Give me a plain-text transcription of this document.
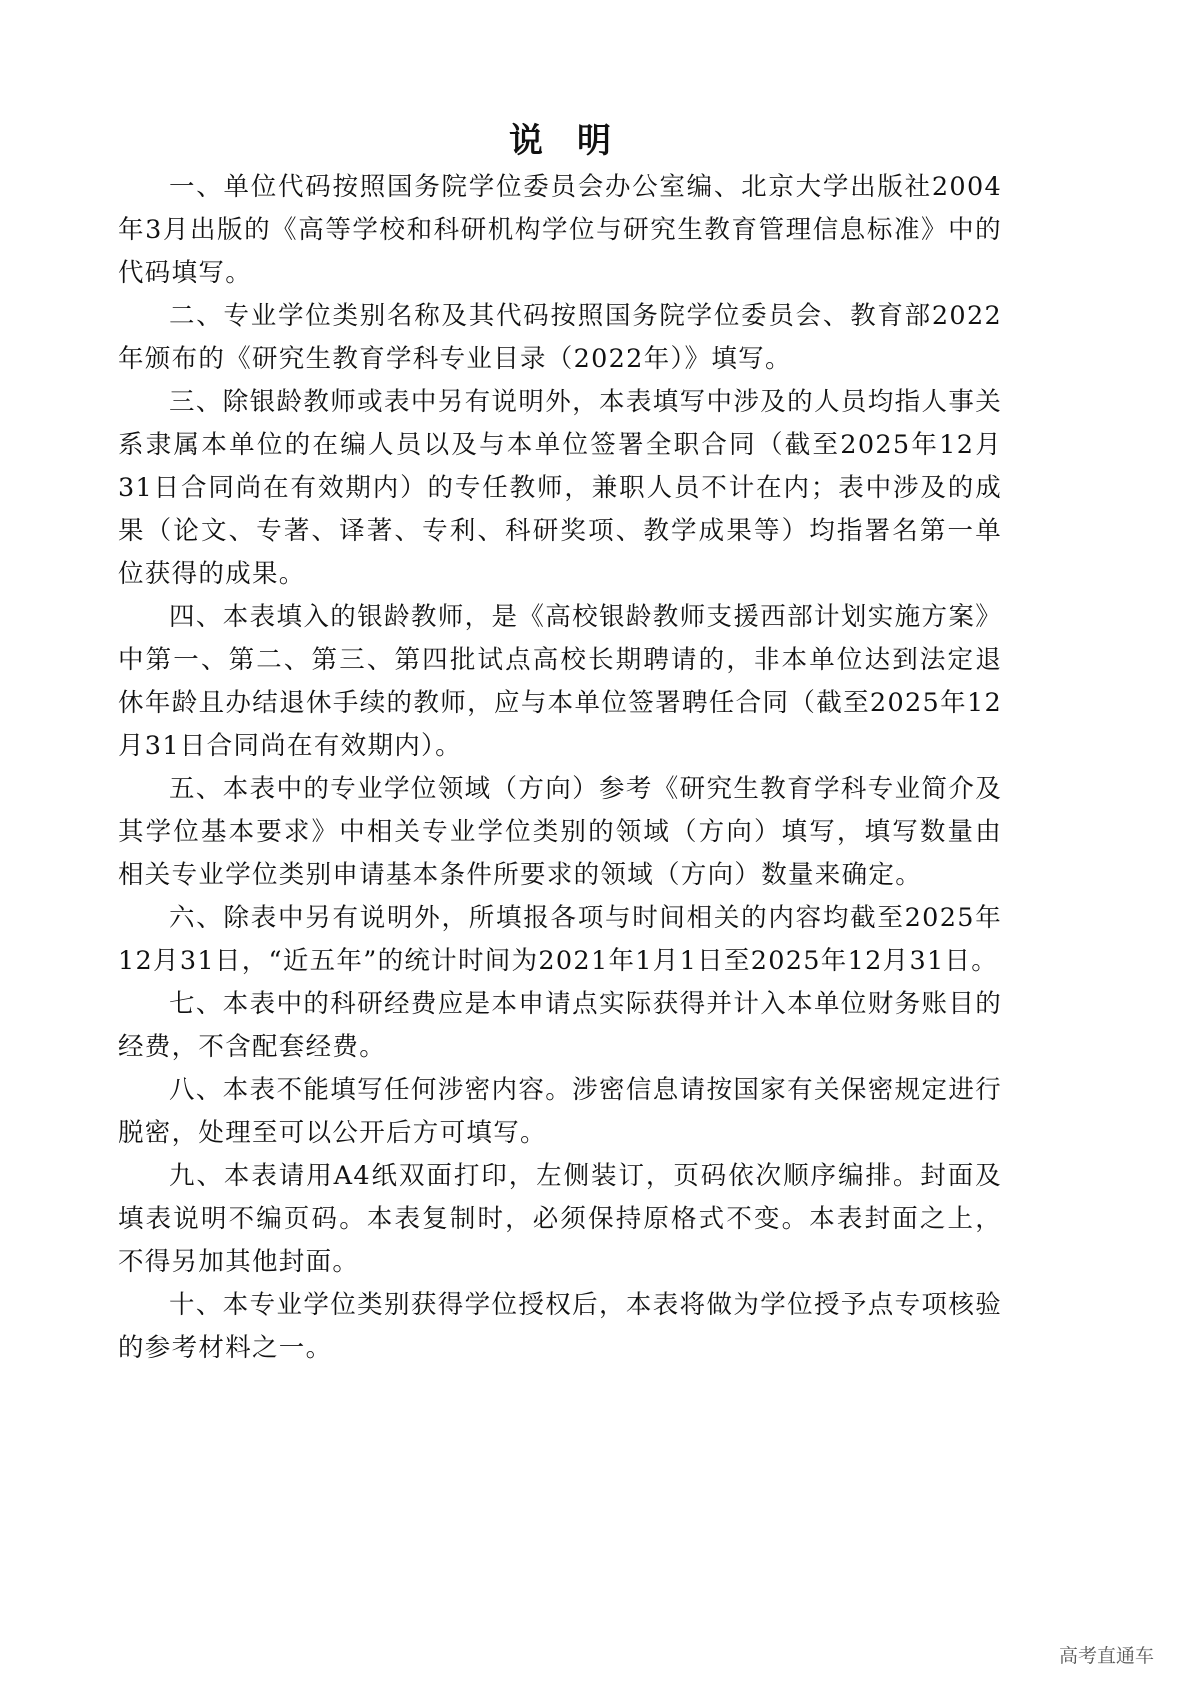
说明

一、单位代码按照国务院学位委员会办公室编、北京大学出版社2004年3月出版的《高等学校和科研机构学位与研究生教育管理信息标准》中的代码填写。

二、专业学位类别名称及其代码按照国务院学位委员会、教育部2022年颁布的《研究生教育学科专业目录（2022年）》填写。

三、除银龄教师或表中另有说明外，本表填写中涉及的人员均指人事关系隶属本单位的在编人员以及与本单位签署全职合同（截至2025年12月31日合同尚在有效期内）的专任教师，兼职人员不计在内；表中涉及的成果（论文、专著、译著、专利、科研奖项、教学成果等）均指署名第一单位获得的成果。

四、本表填入的银龄教师，是《高校银龄教师支援西部计划实施方案》中第一、第二、第三、第四批试点高校长期聘请的，非本单位达到法定退休年龄且办结退休手续的教师，应与本单位签署聘任合同（截至2025年12月31日合同尚在有效期内）。

五、本表中的专业学位领域（方向）参考《研究生教育学科专业简介及其学位基本要求》中相关专业学位类别的领域（方向）填写，填写数量由相关专业学位类别申请基本条件所要求的领域（方向）数量来确定。

六、除表中另有说明外，所填报各项与时间相关的内容均截至2025年12月31日，“近五年”的统计时间为2021年1月1日至2025年12月31日。

七、本表中的科研经费应是本申请点实际获得并计入本单位财务账目的经费，不含配套经费。

八、本表不能填写任何涉密内容。涉密信息请按国家有关保密规定进行脱密，处理至可以公开后方可填写。

九、本表请用A4纸双面打印，左侧装订，页码依次顺序编排。封面及填表说明不编页码。本表复制时，必须保持原格式不变。本表封面之上，不得另加其他封面。

十、本专业学位类别获得学位授权后，本表将做为学位授予点专项核验的参考材料之一。

高考直通车
